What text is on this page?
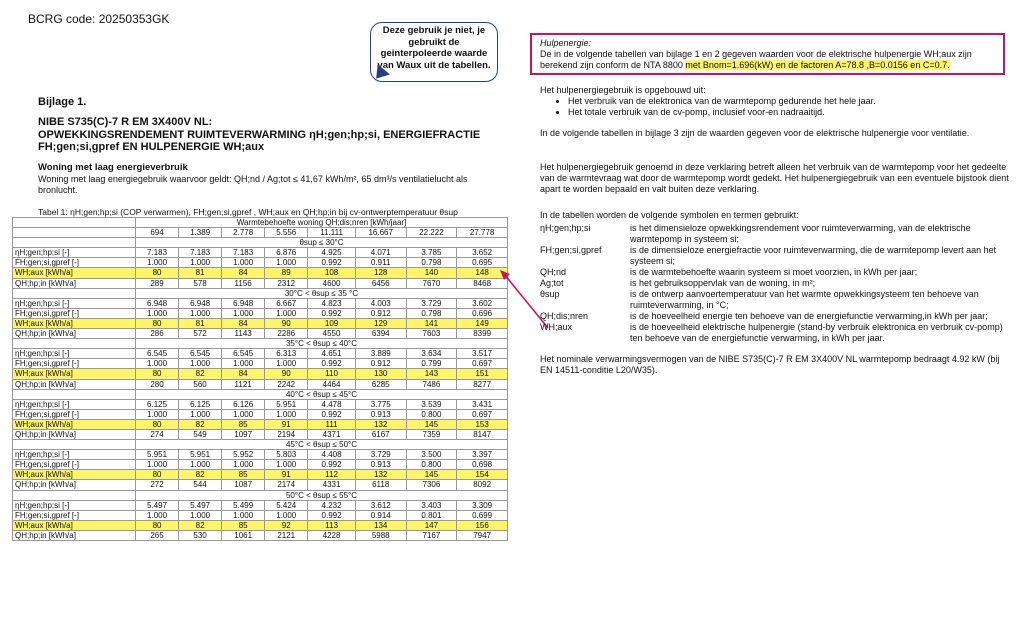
BCRG code: 20250353GK
Deze gebruik je niet, je gebruikt de geinterpoleerde waarde van Waux uit de tabellen.
Bijlage 1.
NIBE S735(C)-7 R EM 3X400V NL:
OPWEKKINGSRENDEMENT RUIMTEVERWARMING ηH;gen;hp;si, ENERGIEFRACTIE
FH;gen;si,gpref EN HULPENERGIE WH;aux
Woning met laag energieverbruik
Woning met laag energiegebruik waarvoor geldt: QH;nd / Ag;tot ≤ 41,67 kWh/m², 65 dm³/s ventilatielucht als bronlucht.
Tabel 1: ηH;gen;hp;si (COP verwarmen), FH;gen;si,gpref , WH;aux en QH;hp;in bij cv-ontwerptemperatuur θsup
	Warmtebehoefte woning QH;dis;nren [kWh/jaar]							
	694	1.389	2.778	5.556	11.111	16.667	22.222	27.778
	θsup ≤ 30°C							
ηH;gen;hp;si [-]	7.183	7.183	7.183	6.876	4.925	4.071	3.785	3.652
FH;gen;si,gpref [-]	1.000	1.000	1.000	1.000	0.992	0.911	0.798	0.695
WH;aux [kWh/a]	80	81	84	89	108	128	140	148
QH;hp;in [kWh/a]	289	578	1156	2312	4600	6456	7670	8468
	30°C < θsup ≤ 35 °C							
ηH;gen;hp;si [-]	6.948	6.948	6.948	6.667	4.823	4.003	3.729	3.602
FH;gen;si,gpref [-]	1.000	1.000	1.000	1.000	0.992	0.912	0.798	0.696
WH;aux [kWh/a]	80	81	84	90	109	129	141	149
QH;hp;in [kWh/a]	286	572	1143	2286	4550	6394	7603	8399
	35°C < θsup ≤ 40°C							
ηH;gen;hp;si [-]	6.545	6.545	6.545	6.313	4.651	3.889	3.634	3.517
FH;gen;si,gpref [-]	1.000	1.000	1.000	1.000	0.992	0.912	0.799	0.697
WH;aux [kWh/a]	80	82	84	90	110	130	143	151
QH;hp;in [kWh/a]	280	560	1121	2242	4464	6285	7486	8277
	40°C < θsup ≤ 45°C							
ηH;gen;hp;si [-]	6.125	6.125	6.126	5.951	4.478	3.775	3.539	3.431
FH;gen;si,gpref [-]	1.000	1.000	1.000	1.000	0.992	0.913	0.800	0.697
WH;aux [kWh/a]	80	82	85	91	111	132	145	153
QH;hp;in [kWh/a]	274	549	1097	2194	4371	6167	7359	8147
	45°C < θsup ≤ 50°C							
ηH;gen;hp;si [-]	5.951	5.951	5.952	5.803	4.408	3.729	3.500	3.397
FH;gen;si,gpref [-]	1.000	1.000	1.000	1.000	0.992	0.913	0.800	0.698
WH;aux [kWh/a]	80	82	85	91	112	132	145	154
QH;hp;in [kWh/a]	272	544	1087	2174	4331	6118	7306	8092
	50°C < θsup ≤ 55°C							
ηH;gen;hp;si [-]	5.497	5.497	5.499	5.424	4.232	3.612	3.403	3.309
FH;gen;si,gpref [-]	1.000	1.000	1.000	1.000	0.992	0.914	0.801	0.699
WH;aux [kWh/a]	80	82	85	92	113	134	147	156
QH;hp;in [kWh/a]	265	530	1061	2121	4228	5988	7167	7947
Hulpenergie:
De in de volgende tabellen van bijlage 1 en 2 gegeven waarden voor de elektrische hulpenergie WH;aux zijn berekend zijn conform de NTA 8800 met Bnom=1.696(kW) en de factoren A=78.8 ,B=0.0156 en C=0.7.
Het hulpenergiegebruik is opgebouwd uit:
• Het verbruik van de elektronica van de warmtepomp gedurende het hele jaar.
• Het totale verbruik van de cv-pomp, inclusief voor-en nadraaitijd.
In de volgende tabellen in bijlage 3 zijn de waarden gegeven voor de elektrische hulpenergie voor ventilatie.
Het hulpenergiegebruik genoemd in deze verklaring betreft alleen het verbruik van de warmtepomp voor het gedeelte van de warmtevraag wat door de warmtepomp wordt gedekt. Het hulpenergiegebruik van een eventuele bijstook dient apart te worden bepaald en valt buiten deze verklaring.
In de tabellen worden de volgende symbolen en termen gebruikt:
ηH;gen;hp;si	is het dimensieloze opwekkingsrendement voor ruimteverwarming, van de elektrische warmtepomp in systeem si;
FH;gen;si,gpref	is de dimensieloze energiefractie voor ruimteverwarming, die de warmtepomp levert aan het systeem si;
QH;nd	is de warmtebehoefte waarin systeem si moet voorzien, in kWh per jaar;
Ag;tot	is het gebruiksoppervlak van de woning, in m²;
θsup	is de ontwerp aanvoertemperatuur van het warmte opwekkingsysteem ten behoeve van ruimteverwarming, in °C;
QH;dis;nren	is de hoeveelheid energie ten behoeve van de energiefunctie verwarming,in kWh per jaar;
WH;aux	is de hoeveelheid elektrische hulpenergie (stand-by verbruik elektronica en verbruik cv-pomp) ten behoeve van de energiefunctie verwarming, in kWh per jaar.
Het nominale verwarmingsvermogen van de NIBE S735(C)-7 R EM 3X400V NL warmtepomp bedraagt 4.92 kW (bij EN 14511-conditie L20/W35).
